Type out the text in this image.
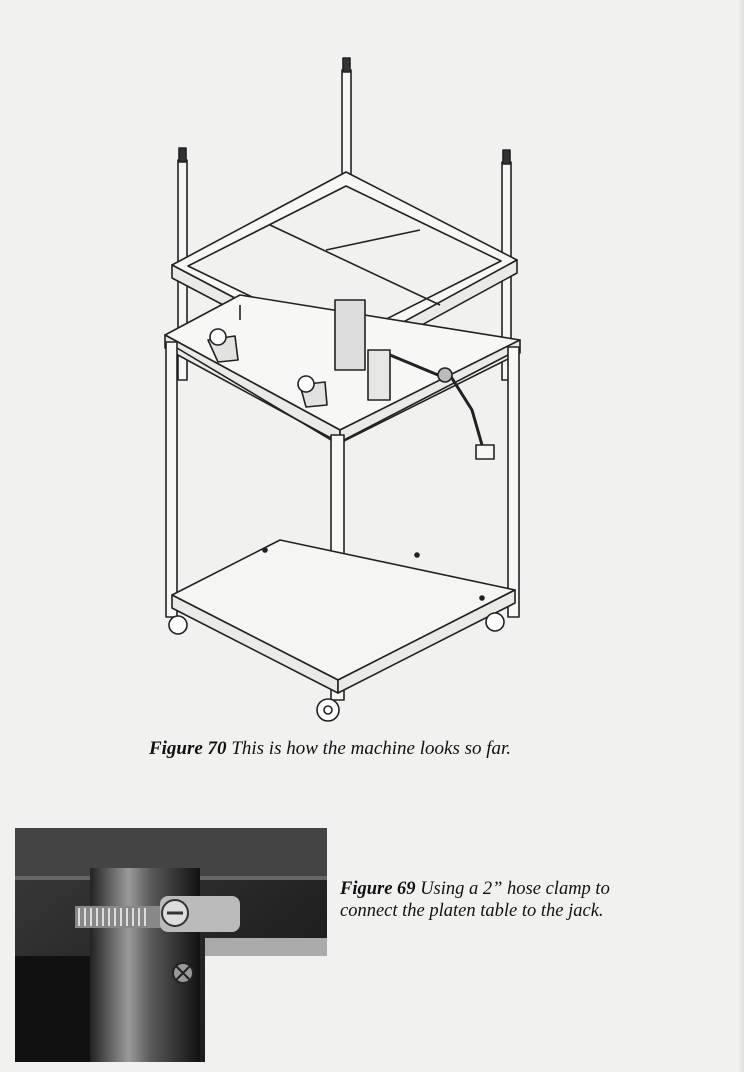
Figure 70 This is how the machine looks so far.
Figure 69 Using a 2” hose clamp to
connect the platen table to the jack.
